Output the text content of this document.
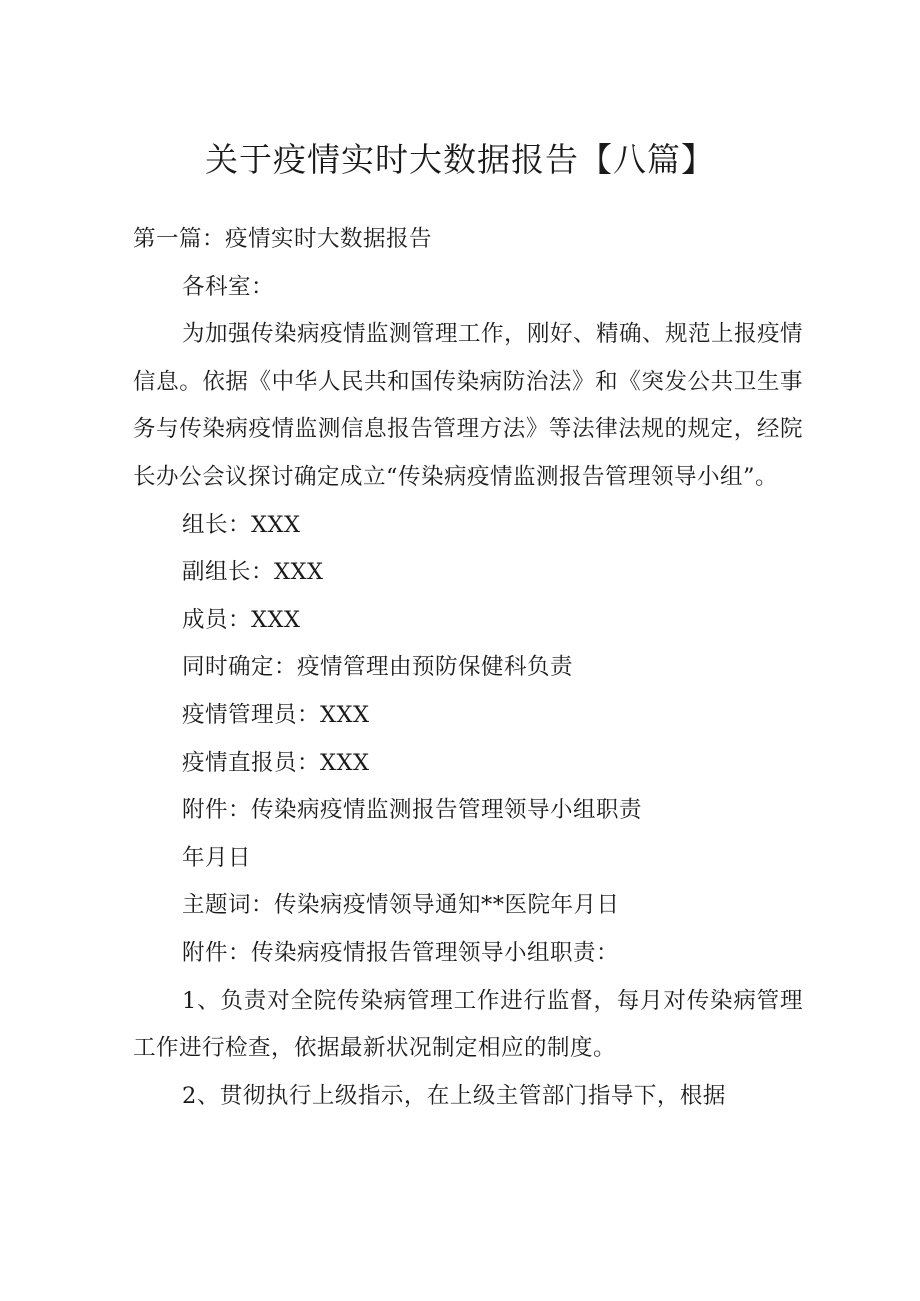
关于疫情实时大数据报告【八篇】

第一篇：疫情实时大数据报告

各科室：

为加强传染病疫情监测管理工作，刚好、精确、规范上报疫情信息。依据《中华人民共和国传染病防治法》和《突发公共卫生事务与传染病疫情监测信息报告管理方法》等法律法规的规定，经院长办公会议探讨确定成立“传染病疫情监测报告管理领导小组”。

组长：XXX

副组长：XXX

成员：XXX

同时确定：疫情管理由预防保健科负责

疫情管理员：XXX

疫情直报员：XXX

附件：传染病疫情监测报告管理领导小组职责

年月日

主题词：传染病疫情领导通知**医院年月日

附件：传染病疫情报告管理领导小组职责：

1、负责对全院传染病管理工作进行监督，每月对传染病管理工作进行检查，依据最新状况制定相应的制度。

2、贯彻执行上级指示，在上级主管部门指导下，根据
